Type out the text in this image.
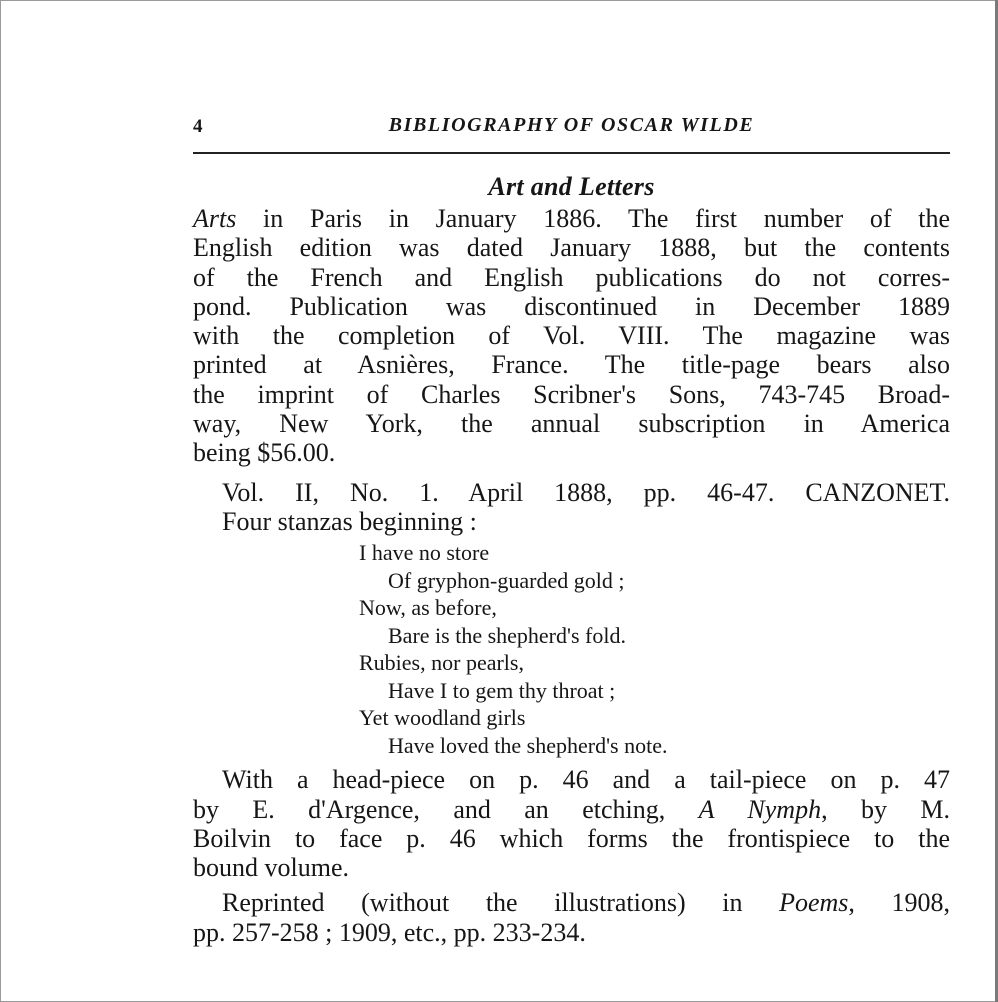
4	BIBLIOGRAPHY OF OSCAR WILDE
Art and Letters

Arts in Paris in January 1886. The first number of the
English edition was dated January 1888, but the contents
of the French and English publications do not corres-
pond. Publication was discontinued in December 1889
with the completion of Vol. VIII. The magazine was
printed at Asnières, France. The title-page bears also
the imprint of Charles Scribner's Sons, 743-745 Broad-
way, New York, the annual subscription in America
being $56.00.

Vol. II, No. 1. April 1888, pp. 46-47. CANZONET.
Four stanzas beginning :

I have no store
Of gryphon-guarded gold ;
Now, as before,
Bare is the shepherd's fold.
Rubies, nor pearls,
Have I to gem thy throat ;
Yet woodland girls
Have loved the shepherd's note.

With a head-piece on p. 46 and a tail-piece on p. 47
by E. d'Argence, and an etching, A Nymph, by M.
Boilvin to face p. 46 which forms the frontispiece to the
bound volume.

Reprinted (without the illustrations) in Poems, 1908,
pp. 257-258 ; 1909, etc., pp. 233-234.
